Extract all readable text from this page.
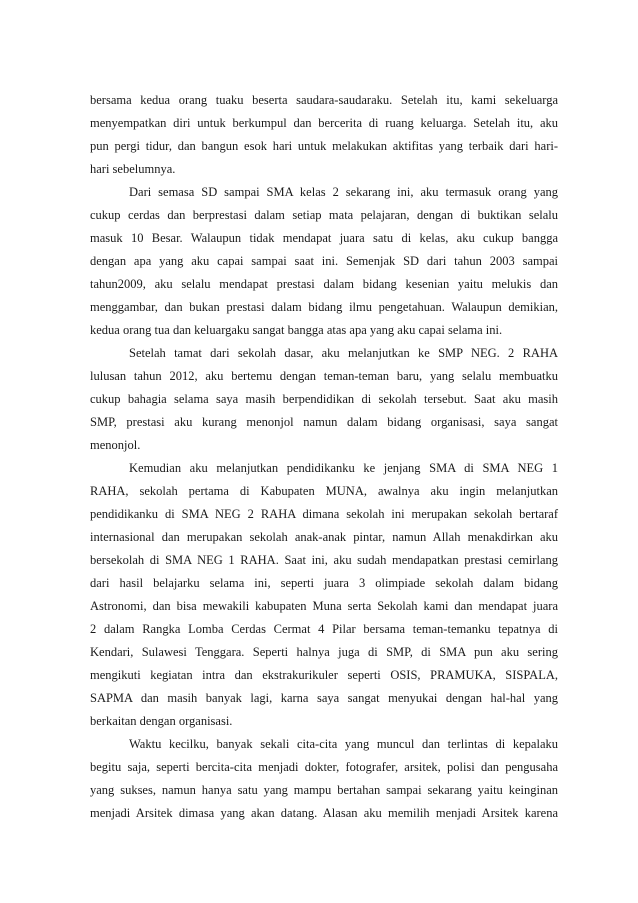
bersama kedua orang tuaku beserta saudara-saudaraku. Setelah itu, kami sekeluarga
menyempatkan diri untuk berkumpul dan bercerita di ruang keluarga. Setelah itu, aku
pun pergi tidur, dan bangun esok hari untuk melakukan aktifitas yang terbaik dari hari-
hari sebelumnya.
Dari semasa SD sampai SMA kelas 2 sekarang ini, aku termasuk orang yang
cukup cerdas dan berprestasi dalam setiap mata pelajaran, dengan di buktikan selalu
masuk 10 Besar. Walaupun tidak mendapat juara satu di kelas, aku cukup bangga
dengan apa yang aku capai sampai saat ini. Semenjak SD dari tahun 2003 sampai
tahun2009, aku selalu mendapat prestasi dalam bidang kesenian yaitu melukis dan
menggambar, dan bukan prestasi dalam bidang ilmu pengetahuan. Walaupun demikian,
kedua orang tua dan keluargaku sangat bangga atas apa yang aku capai selama ini.
Setelah tamat dari sekolah dasar, aku melanjutkan ke SMP NEG. 2 RAHA
lulusan tahun 2012, aku bertemu dengan teman-teman baru, yang selalu membuatku
cukup bahagia selama saya masih berpendidikan di sekolah tersebut. Saat aku masih
SMP, prestasi aku kurang menonjol namun dalam bidang organisasi, saya sangat
menonjol.
Kemudian aku melanjutkan pendidikanku ke jenjang SMA di SMA NEG 1
RAHA, sekolah pertama di Kabupaten MUNA, awalnya aku ingin melanjutkan
pendidikanku di SMA NEG 2 RAHA dimana sekolah ini merupakan sekolah bertaraf
internasional dan merupakan sekolah anak-anak pintar, namun Allah menakdirkan aku
bersekolah di SMA NEG 1 RAHA. Saat ini, aku sudah mendapatkan prestasi cemirlang
dari hasil belajarku selama ini, seperti juara 3 olimpiade sekolah dalam bidang
Astronomi, dan bisa mewakili kabupaten Muna serta Sekolah kami dan mendapat juara
2 dalam Rangka Lomba Cerdas Cermat 4 Pilar bersama teman-temanku tepatnya di
Kendari, Sulawesi Tenggara. Seperti halnya juga di SMP, di SMA pun aku sering
mengikuti kegiatan intra dan ekstrakurikuler seperti OSIS, PRAMUKA, SISPALA,
SAPMA dan masih banyak lagi, karna saya sangat menyukai dengan hal-hal yang
berkaitan dengan organisasi.
Waktu kecilku, banyak sekali cita-cita yang muncul dan terlintas di kepalaku
begitu saja, seperti bercita-cita menjadi dokter, fotografer, arsitek, polisi dan pengusaha
yang sukses, namun hanya satu yang mampu bertahan sampai sekarang yaitu keinginan
menjadi Arsitek dimasa yang akan datang. Alasan aku memilih menjadi Arsitek karena
